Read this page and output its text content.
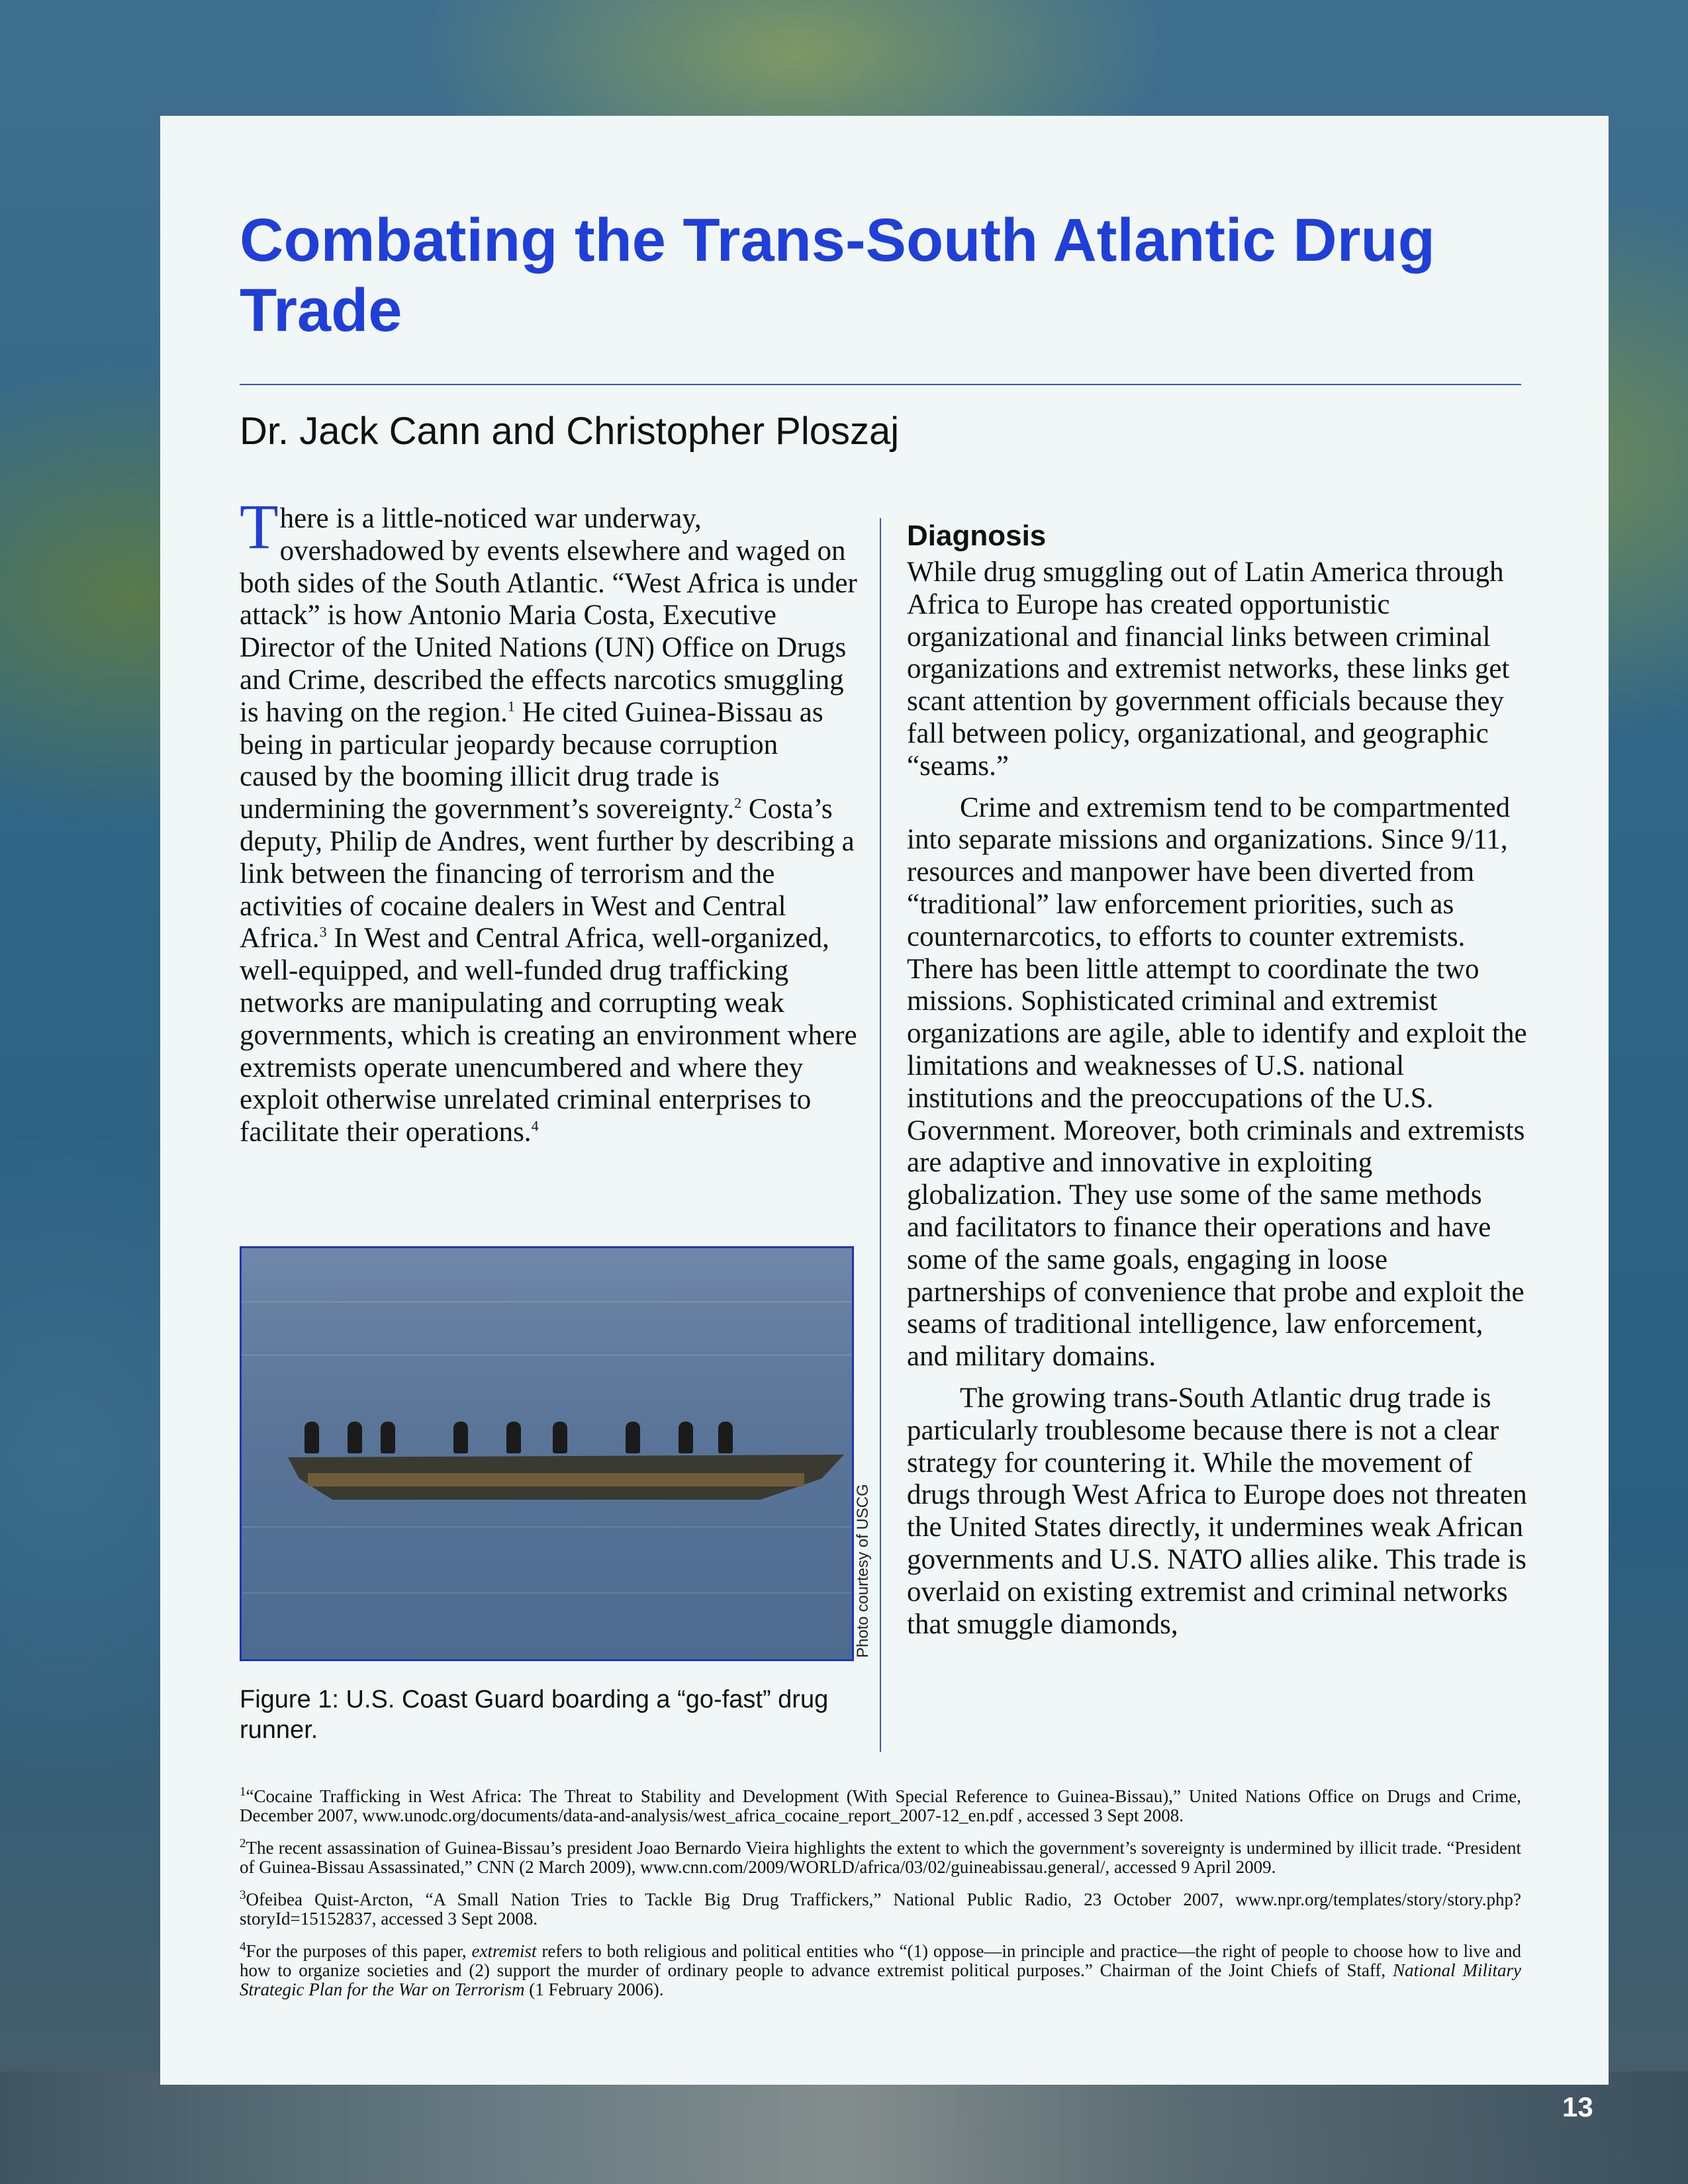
Combating the Trans-South Atlantic Drug Trade
Dr. Jack Cann and Christopher Ploszaj

There is a little-noticed war underway, overshadowed by events elsewhere and waged on both sides of the South Atlantic. “West Africa is under attack” is how Antonio Maria Costa, Executive Director of the United Nations (UN) Office on Drugs and Crime, described the effects narcotics smuggling is having on the region.$^1$ He cited Guinea-Bissau as being in particular jeopardy because corruption caused by the booming illicit drug trade is undermining the government’s sovereignty.$^2$ Costa’s deputy, Philip de Andres, went further by describing a link between the financing of terrorism and the activities of cocaine dealers in West and Central Africa.$^3$ In West and Central Africa, well-organized, well-equipped, and well-funded drug trafficking networks are manipulating and corrupting weak governments, which is creating an environment where extremists operate unencumbered and where they exploit otherwise unrelated criminal enterprises to facilitate their operations.$^4$

Photo courtesy of USCG
Figure 1: U.S. Coast Guard boarding a “go-fast” drug runner.
Diagnosis

While drug smuggling out of Latin America through Africa to Europe has created opportunistic organizational and financial links between criminal organizations and extremist networks, these links get scant attention by government officials because they fall between policy, organizational, and geographic “seams.”

Crime and extremism tend to be compartmented into separate missions and organizations. Since 9/11, resources and manpower have been diverted from “traditional” law enforcement priorities, such as counternarcotics, to efforts to counter extremists. There has been little attempt to coordinate the two missions. Sophisticated criminal and extremist organizations are agile, able to identify and exploit the limitations and weaknesses of U.S. national institutions and the preoccupations of the U.S. Government. Moreover, both criminals and extremists are adaptive and innovative in exploiting globalization. They use some of the same methods and facilitators to finance their operations and have some of the same goals, engaging in loose partnerships of convenience that probe and exploit the seams of traditional intelligence, law enforcement, and military domains.

The growing trans-South Atlantic drug trade is particularly troublesome because there is not a clear strategy for countering it. While the movement of drugs through West Africa to Europe does not threaten the United States directly, it undermines weak African governments and U.S. NATO allies alike. This trade is overlaid on existing extremist and criminal networks that smuggle diamonds,

$^1$“Cocaine Trafficking in West Africa: The Threat to Stability and Development (With Special Reference to Guinea-Bissau),” United Nations Office on Drugs and Crime, December 2007, www.unodc.org/documents/data-and-analysis/west_africa_cocaine_report_2007-12_en.pdf , accessed 3 Sept 2008.

$^2$The recent assassination of Guinea-Bissau’s president Joao Bernardo Vieira highlights the extent to which the government’s sovereignty is undermined by illicit trade. “President of Guinea-Bissau Assassinated,” CNN (2 March 2009), www.cnn.com/2009/WORLD/africa/03/02/guineabissau.general/, accessed 9 April 2009.

$^3$Ofeibea Quist-Arcton, “A Small Nation Tries to Tackle Big Drug Traffickers,” National Public Radio, 23 October 2007, www.npr.org/templates/story/story.php?storyId=15152837, accessed 3 Sept 2008.

$^4$For the purposes of this paper, extremist refers to both religious and political entities who “(1) oppose—in principle and practice—the right of people to choose how to live and how to organize societies and (2) support the murder of ordinary people to advance extremist political purposes.” Chairman of the Joint Chiefs of Staff, National Military Strategic Plan for the War on Terrorism (1 February 2006).

13
